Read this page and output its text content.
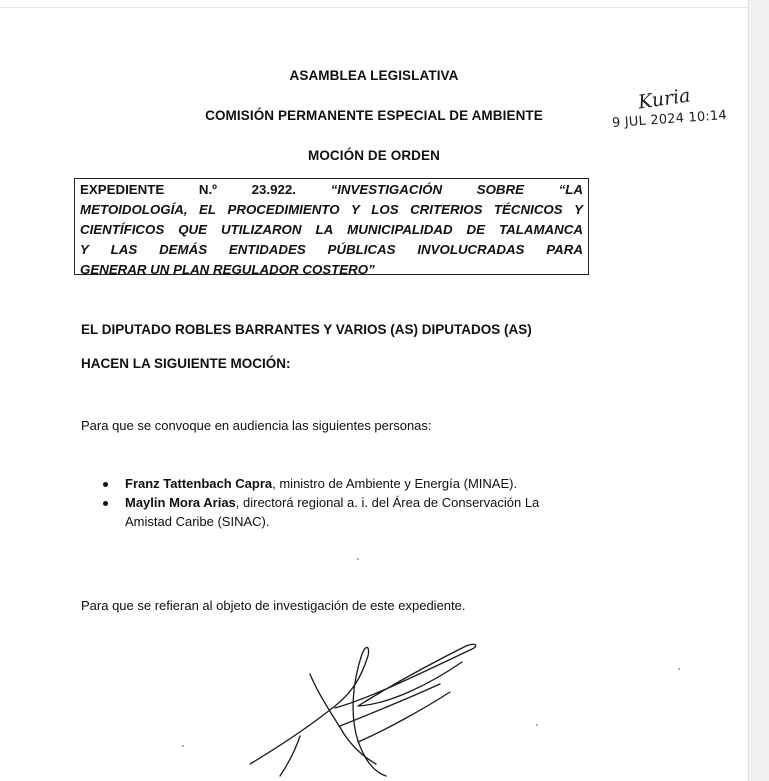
ASAMBLEA LEGISLATIVA
COMISIÓN PERMANENTE ESPECIAL DE AMBIENTE
MOCIÓN DE ORDEN
Kuria
9 JUL 2024 10:14
EXPEDIENTE	N.º	23.922.	“INVESTIGACIÓN	SOBRE	“LA
METOIDOLOGÍA, EL PROCEDIMIENTO Y LOS CRITERIOS TÉCNICOS Y
CIENTÍFICOS QUE UTILIZARON LA MUNICIPALIDAD DE TALAMANCA
Y LAS DEMÁS ENTIDADES PÚBLICAS INVOLUCRADAS PARA
GENERAR UN PLAN REGULADOR COSTERO”
EL DIPUTADO ROBLES BARRANTES Y VARIOS (AS) DIPUTADOS (AS)
HACEN LA SIGUIENTE MOCIÓN:
Para que se convoque en audiencia las siguientes personas:
Franz Tattenbach Capra, ministro de Ambiente y Energía (MINAE).
Maylin Mora Arias, directorá regional a. i. del Área de Conservación La
Amistad Caribe (SINAC).
Para que se refieran al objeto de investigación de este expediente.
